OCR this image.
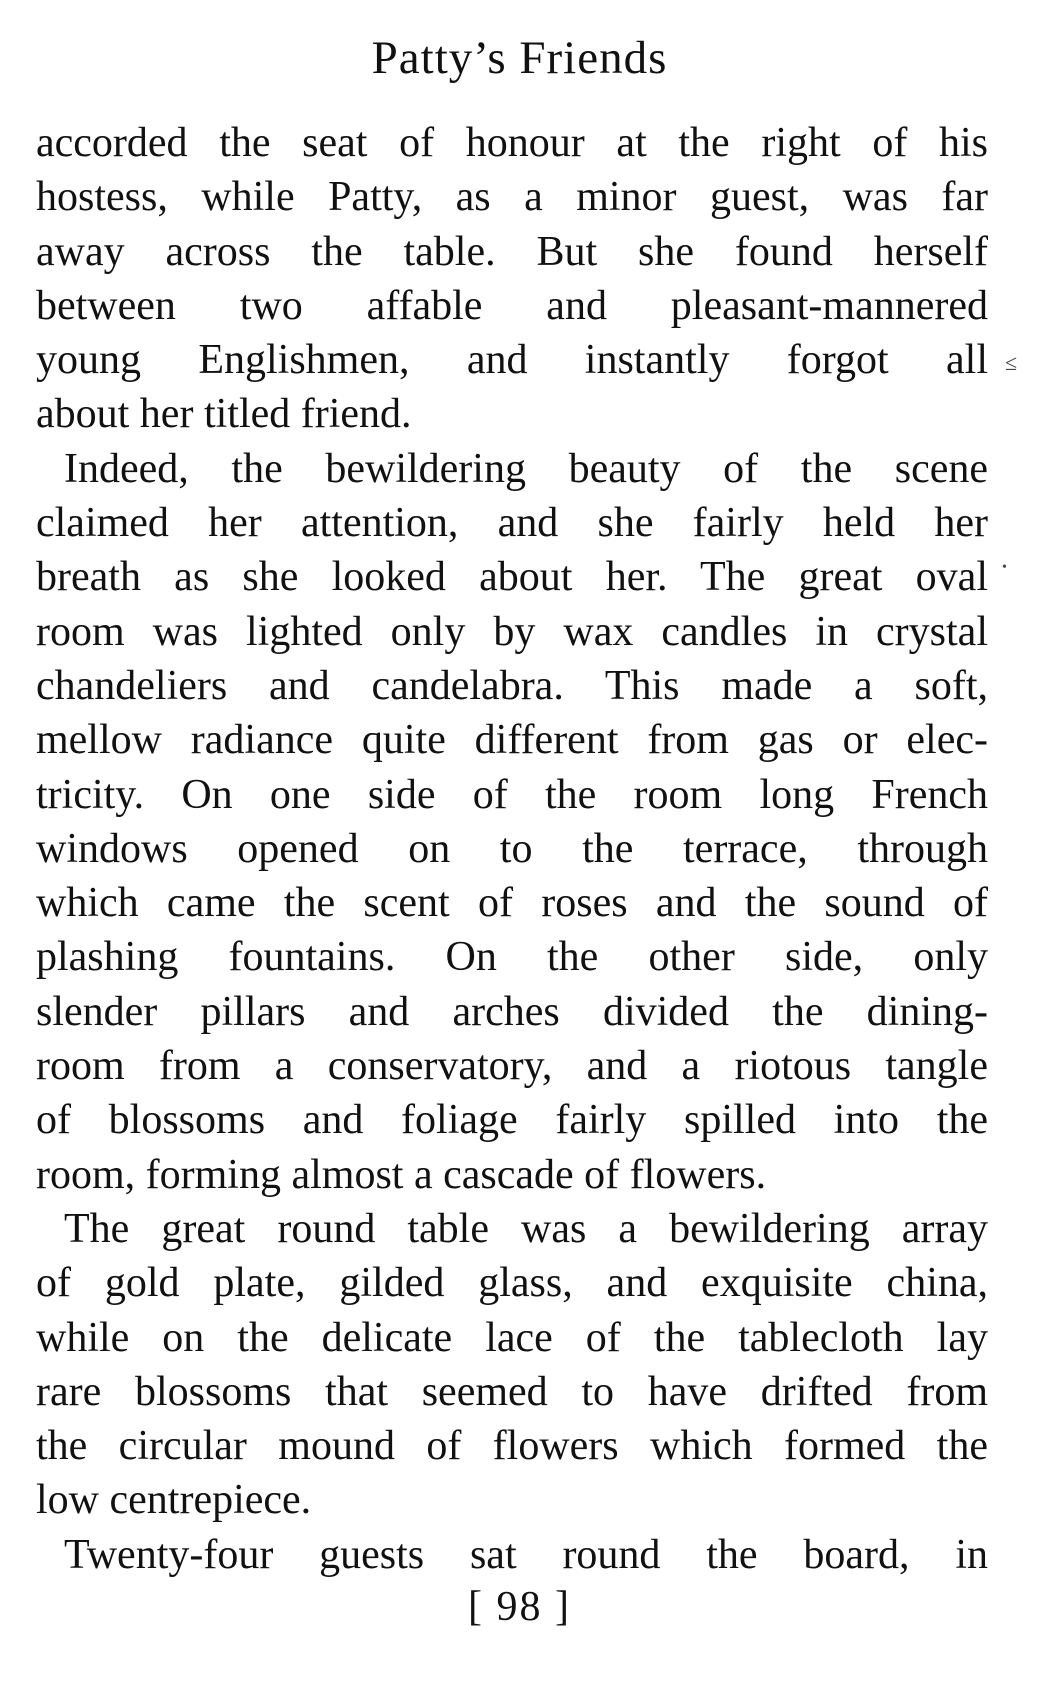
Patty’s Friends
accorded the seat of honour at the right of his
hostess, while Patty, as a minor guest, was far
away across the table. But she found herself
between two affable and pleasant-mannered
young Englishmen, and instantly forgot all
about her titled friend.
Indeed, the bewildering beauty of the scene
claimed her attention, and she fairly held her
breath as she looked about her. The great oval
room was lighted only by wax candles in crystal
chandeliers and candelabra. This made a soft,
mellow radiance quite different from gas or elec-
tricity. On one side of the room long French
windows opened on to the terrace, through
which came the scent of roses and the sound of
plashing fountains. On the other side, only
slender pillars and arches divided the dining-
room from a conservatory, and a riotous tangle
of blossoms and foliage fairly spilled into the
room, forming almost a cascade of flowers.
The great round table was a bewildering array
of gold plate, gilded glass, and exquisite china,
while on the delicate lace of the tablecloth lay
rare blossoms that seemed to have drifted from
the circular mound of flowers which formed the
low centrepiece.
Twenty-four guests sat round the board, in
≤
•
[ 98 ]
